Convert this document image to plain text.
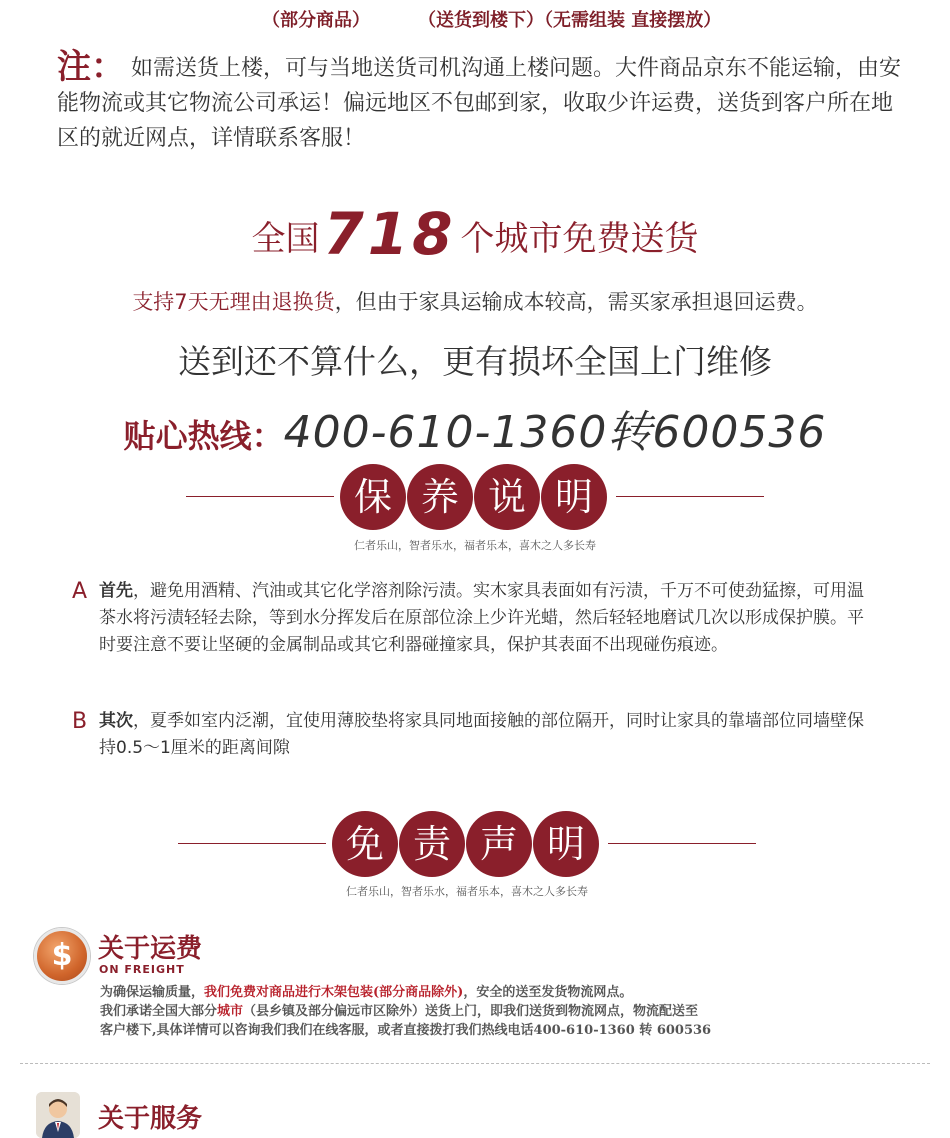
（部分商品）	（送货到楼下）（无需组装 直接摆放）
注： 如需送货上楼，可与当地送货司机沟通上楼问题。大件商品京东不能运输，由安能物流或其它物流公司承运！偏远地区不包邮到家，收取少许运费，送货到客户所在地区的就近网点，详情联系客服！
全国718 个城市免费送货
支持7天无理由退换货，但由于家具运输成本较高，需买家承担退回运费。
送到还不算什么，更有损坏全国上门维修
贴心热线：400-610-1360转600536
保 养 说 明
仁者乐山，智者乐水，福者乐本，喜木之人多长寿
A 首先，避免用酒精、汽油或其它化学溶剂除污渍。实木家具表面如有污渍，千万不可使劲猛擦，可用温茶水将污渍轻轻去除，等到水分挥发后在原部位涂上少许光蜡，然后轻轻地磨试几次以形成保护膜。平时要注意不要让坚硬的金属制品或其它利器碰撞家具，保护其表面不出现碰伤痕迹。
B 其次，夏季如室内泛潮，宜使用薄胶垫将家具同地面接触的部位隔开，同时让家具的靠墙部位同墙壁保持0.5～1厘米的距离间隙
免 责 声 明
仁者乐山，智者乐水，福者乐本，喜木之人多长寿
$ 关于运费
ON FREIGHT
为确保运输质量，我们免费对商品进行木架包装(部分商品除外)，安全的送至发货物流网点。
我们承诺全国大部分城市（县乡镇及部分偏远市区除外）送货上门，即我们送货到物流网点，物流配送至
客户楼下,具体详情可以咨询我们我们在线客服，或者直接拨打我们热线电话400-610-1360 转 600536
关于服务
